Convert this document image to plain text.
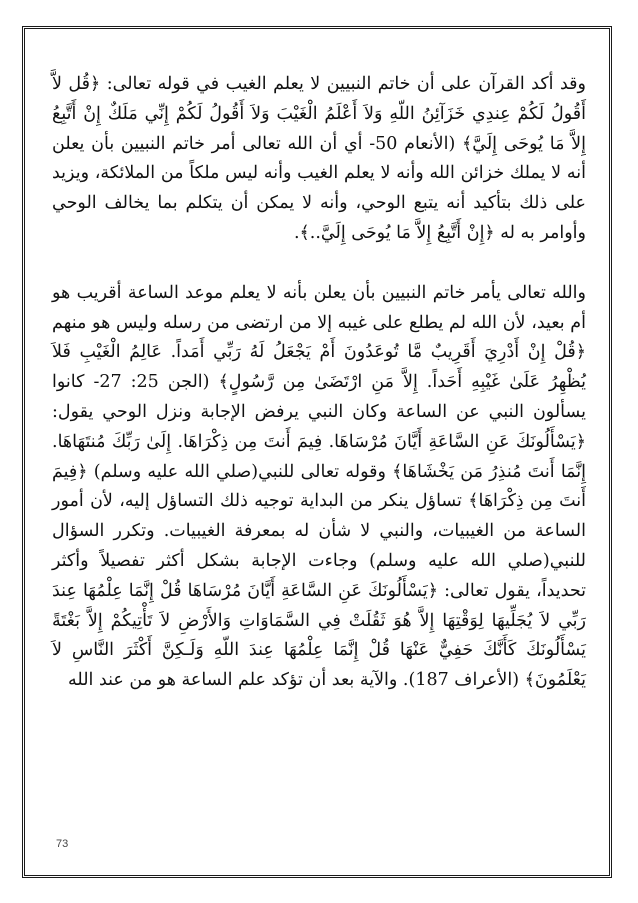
وقد أكد القرآن على أن خاتم النبيين لا يعلم الغيب في قوله تعالى: ﴿قُل لاَّ أَقُولُ لَكُمْ عِندِي خَزَآئِنُ اللّهِ وَلاَ أَعْلَمُ الْغَيْبَ وَلاَ أَقُولُ لَكُمْ إِنِّي مَلَكٌ إِنْ أَتَّبِعُ إِلاَّ مَا يُوحَى إِلَيَّ﴾ (الأنعام 50- أي أن الله تعالى أمر خاتم النبيين بأن يعلن أنه لا يملك خزائن الله وأنه لا يعلم الغيب وأنه ليس ملكاً من الملائكة، ويزيد على ذلك بتأكيد أنه يتبع الوحي، وأنه لا يمكن أن يتكلم بما يخالف الوحي وأوامر به له ﴿إِنْ أَتَّبِعُ إِلاَّ مَا يُوحَى إِلَيَّ..﴾.

والله تعالى يأمر خاتم النبيين بأن يعلن بأنه لا يعلم موعد الساعة أقريب هو أم بعيد، لأن الله لم يطلع على غيبه إلا من ارتضى من رسله وليس هو منهم ﴿قُلْ إِنْ أَدْرِيَ أَقَرِيبٌ مَّا تُوعَدُونَ أَمْ يَجْعَلُ لَهُ رَبِّي أَمَداً. عَالِمُ الْغَيْبِ فَلاَ يُظْهِرُ عَلَىٰ غَيْبِهِ أَحَداً. إِلاَّ مَنِ ارْتَضَىٰ مِن رَّسُولٍ﴾ (الجن 25: 27- كانوا يسألون النبي عن الساعة وكان النبي يرفض الإجابة ونزل الوحي يقول: ﴿يَسْأَلُونَكَ عَنِ السَّاعَةِ أَيَّانَ مُرْسَاهَا. فِيمَ أَنتَ مِن ذِكْرَاهَا. إِلَىٰ رَبِّكَ مُنتَهَاهَا. إِنَّمَا أَنتَ مُنذِرُ مَن يَخْشَاهَا﴾ وقوله تعالى للنبي(صلي الله عليه وسلم) ﴿فِيمَ أَنتَ مِن ذِكْرَاهَا﴾ تساؤل ينكر من البداية توجيه ذلك التساؤل إليه، لأن أمور الساعة من الغيبيات، والنبي لا شأن له بمعرفة الغيبيات. وتكرر السؤال للنبي(صلي الله عليه وسلم) وجاءت الإجابة بشكل أكثر تفصيلاً وأكثر تحديداً، يقول تعالى: ﴿يَسْأَلُونَكَ عَنِ السَّاعَةِ أَيَّانَ مُرْسَاهَا قُلْ إِنَّمَا عِلْمُهَا عِندَ رَبِّي لاَ يُجَلِّيهَا لِوَقْتِهَا إِلاَّ هُوَ ثَقُلَتْ فِي السَّمَاوَاتِ وَالأَرْضِ لاَ تَأْتِيكُمْ إِلاَّ بَغْتَةً يَسْأَلُونَكَ كَأَنَّكَ حَفِيٌّ عَنْهَا قُلْ إِنَّمَا عِلْمُهَا عِندَ اللّهِ وَلَـكِنَّ أَكْثَرَ النَّاسِ لاَ يَعْلَمُونَ﴾ (الأعراف 187). والآية بعد أن تؤكد علم الساعة هو من عند الله

73
